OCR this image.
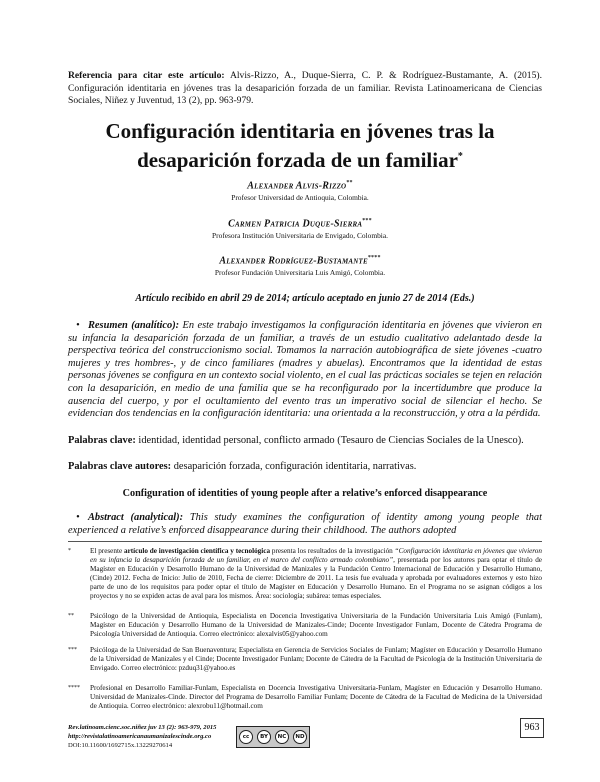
Referencia para citar este artículo: Alvis-Rizzo, A., Duque-Sierra, C. P. & Rodríguez-Bustamante, A. (2015). Configuración identitaria en jóvenes tras la desaparición forzada de un familiar. Revista Latinoamericana de Ciencias Sociales, Niñez y Juventud, 13 (2), pp. 963-979.
Configuración identitaria en jóvenes tras la
desaparición forzada de un familiar*
Alexander Alvis-Rizzo**
Profesor Universidad de Antioquia, Colombia.
Carmen Patricia Duque-Sierra***
Profesora Institución Universitaria de Envigado, Colombia.
Alexander Rodríguez-Bustamante****
Profesor Fundación Universitaria Luis Amigó, Colombia.
Artículo recibido en abril 29 de 2014; artículo aceptado en junio 27 de 2014 (Eds.)
• Resumen (analítico): En este trabajo investigamos la configuración identitaria en jóvenes que vivieron en su infancia la desaparición forzada de un familiar, a través de un estudio cualitativo adelantado desde la perspectiva teórica del construccionismo social. Tomamos la narración autobiográfica de siete jóvenes -cuatro mujeres y tres hombres-, y de cinco familiares (madres y abuelas). Encontramos que la identidad de estas personas jóvenes se configura en un contexto social violento, en el cual las prácticas sociales se tejen en relación con la desaparición, en medio de una familia que se ha reconfigurado por la incertidumbre que produce la ausencia del cuerpo, y por el ocultamiento del evento tras un imperativo social de silenciar el hecho. Se evidencian dos tendencias en la configuración identitaria: una orientada a la reconstrucción, y otra a la pérdida.
Palabras clave: identidad, identidad personal, conflicto armado (Tesauro de Ciencias Sociales de la Unesco).
Palabras clave autores: desaparición forzada, configuración identitaria, narrativas.
Configuration of identities of young people after a relative’s enforced disappearance
• Abstract (analytical): This study examines the configuration of identity among young people that experienced a relative’s enforced disappearance during their childhood. The authors adopted
*	El presente artículo de investigación científica y tecnológica presenta los resultados de la investigación “Configuración identitaria en jóvenes que vivieron en su infancia la desaparición forzada de un familiar, en el marco del conflicto armado colombiano”, presentada por los autores para optar el título de Magíster en Educación y Desarrollo Humano de la Universidad de Manizales y la Fundación Centro Internacional de Educación y Desarrollo Humano, (Cinde) 2012. Fecha de Inicio: Julio de 2010, Fecha de cierre: Diciembre de 2011. La tesis fue evaluada y aprobada por evaluadores externos y esto hizo parte de uno de los requisitos para poder optar el título de Magíster en Educación y Desarrollo Humano. En el Programa no se asignan códigos a los proyectos y no se expiden actas de aval para los mismos. Área: sociología; subárea: temas especiales.
** Psicólogo de la Universidad de Antioquia, Especialista en Docencia Investigativa Universitaria de la Fundación Universitaria Luis Amigó (Funlam), Magíster en Educación y Desarrollo Humano de la Universidad de Manizales-Cinde; Docente Investigador Funlam, Docente de Cátedra Programa de Psicología Universidad de Antioquia. Correo electrónico: alexalvis05@yahoo.com
*** Psicóloga de la Universidad de San Buenaventura; Especialista en Gerencia de Servicios Sociales de Funlam; Magíster en Educación y Desarrollo Humano de la Universidad de Manizales y el Cinde; Docente Investigador Funlam; Docente de Cátedra de la Facultad de Psicología de la Institución Universitaria de Envigado. Correo electrónico: pzduq31@yahoo.es
**** Profesional en Desarrollo Familiar-Funlam, Especialista en Docencia Investigativa Universitaria-Funlam, Magíster en Educación y Desarrollo Humano. Universidad de Manizales-Cinde. Director del Programa de Desarrollo Familiar Funlam; Docente de Cátedra de la Facultad de Medicina de la Universidad de Antioquia. Correo electrónico: alexrobu11@hotmail.com
Rev.latinoam.cienc.soc.niñez juv 13 (2): 963-979, 2015
http://revistalatinoamericanaumanizalescinde.org.co
DOI:10.11600/1692715x.13229270614
cc	BY	NC	ND
963
